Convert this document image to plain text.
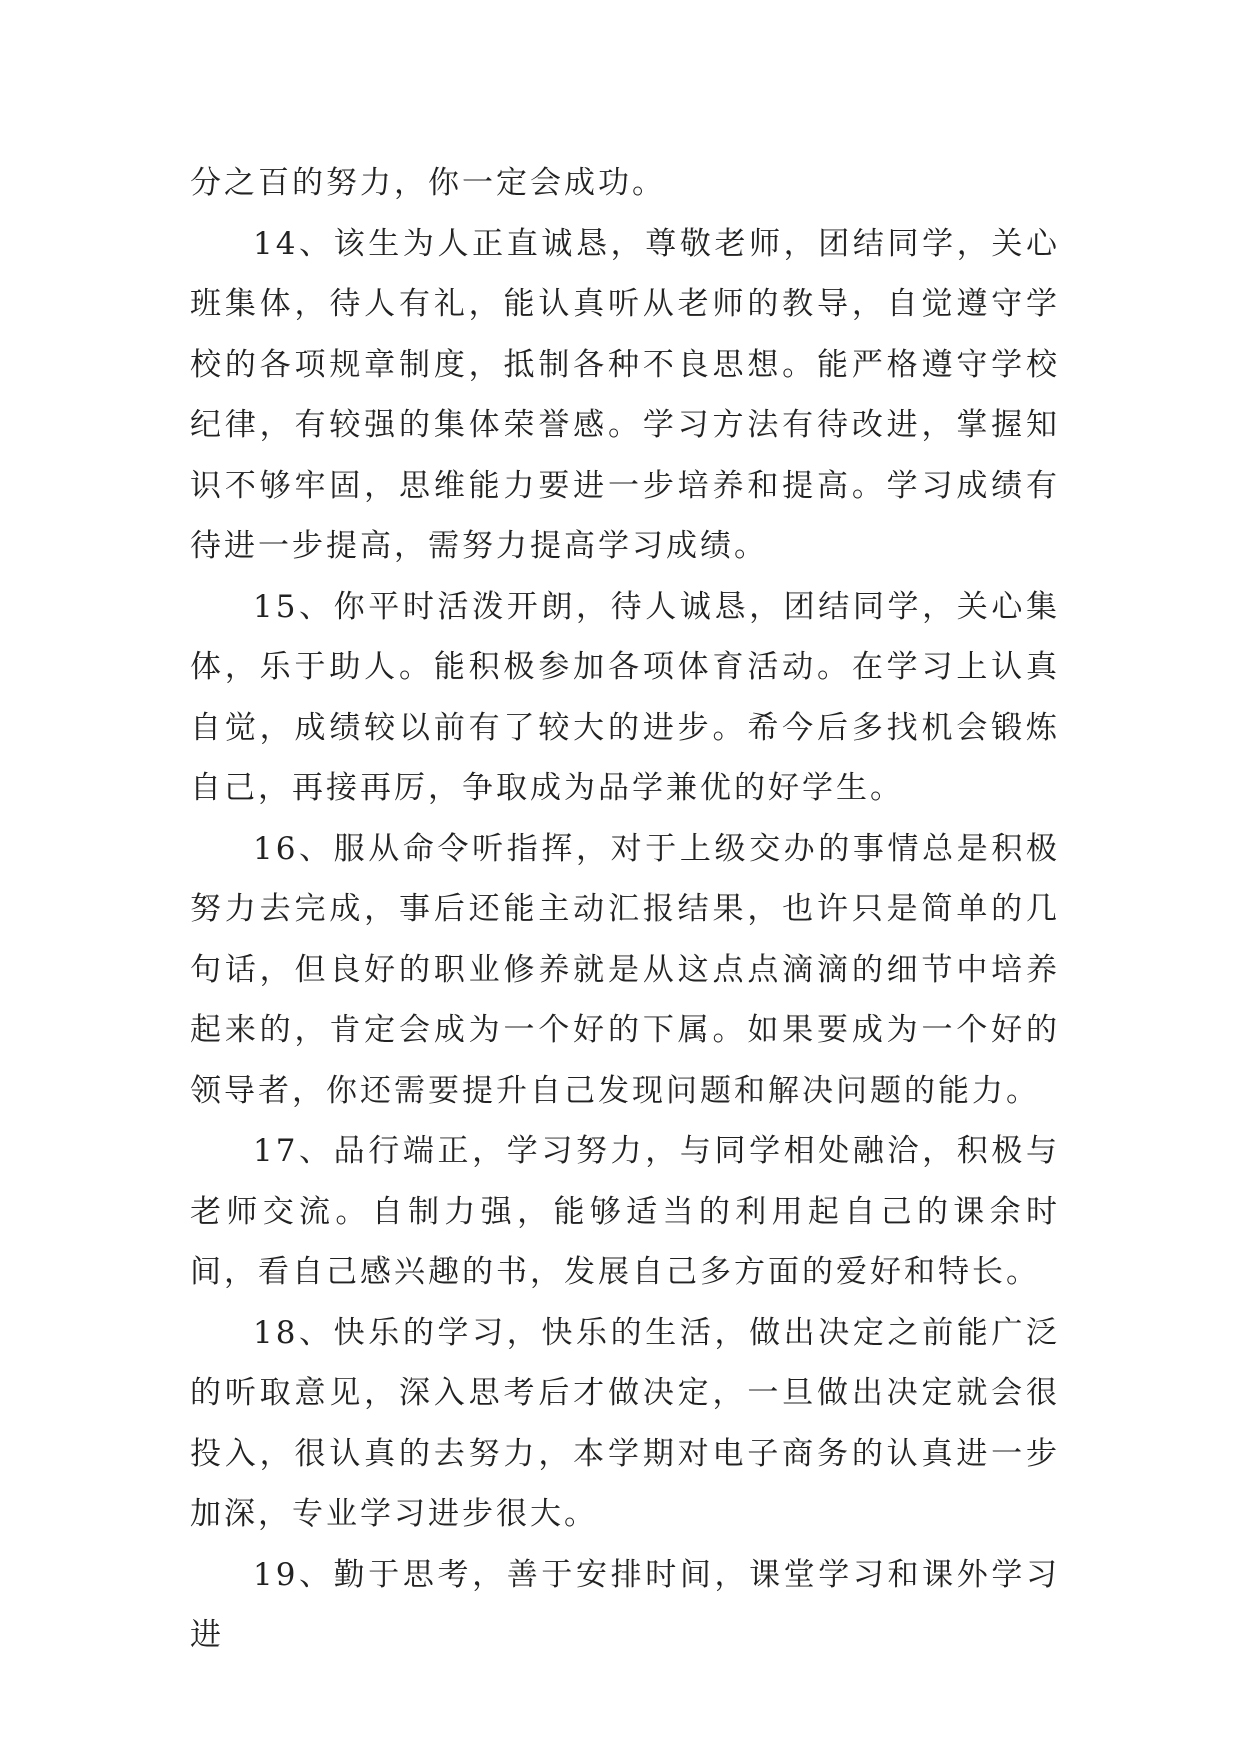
分之百的努力，你一定会成功。

14、该生为人正直诚恳，尊敬老师，团结同学，关心班集体，待人有礼，能认真听从老师的教导，自觉遵守学校的各项规章制度，抵制各种不良思想。能严格遵守学校纪律，有较强的集体荣誉感。学习方法有待改进，掌握知识不够牢固，思维能力要进一步培养和提高。学习成绩有待进一步提高，需努力提高学习成绩。

15、你平时活泼开朗，待人诚恳，团结同学，关心集体，乐于助人。能积极参加各项体育活动。在学习上认真自觉，成绩较以前有了较大的进步。希今后多找机会锻炼自己，再接再厉，争取成为品学兼优的好学生。

16、服从命令听指挥，对于上级交办的事情总是积极努力去完成，事后还能主动汇报结果，也许只是简单的几句话，但良好的职业修养就是从这点点滴滴的细节中培养起来的，肯定会成为一个好的下属。如果要成为一个好的领导者，你还需要提升自己发现问题和解决问题的能力。

17、品行端正，学习努力，与同学相处融洽，积极与老师交流。自制力强，能够适当的利用起自己的课余时间，看自己感兴趣的书，发展自己多方面的爱好和特长。

18、快乐的学习，快乐的生活，做出决定之前能广泛的听取意见，深入思考后才做决定，一旦做出决定就会很投入，很认真的去努力，本学期对电子商务的认真进一步加深，专业学习进步很大。

19、勤于思考，善于安排时间，课堂学习和课外学习进
